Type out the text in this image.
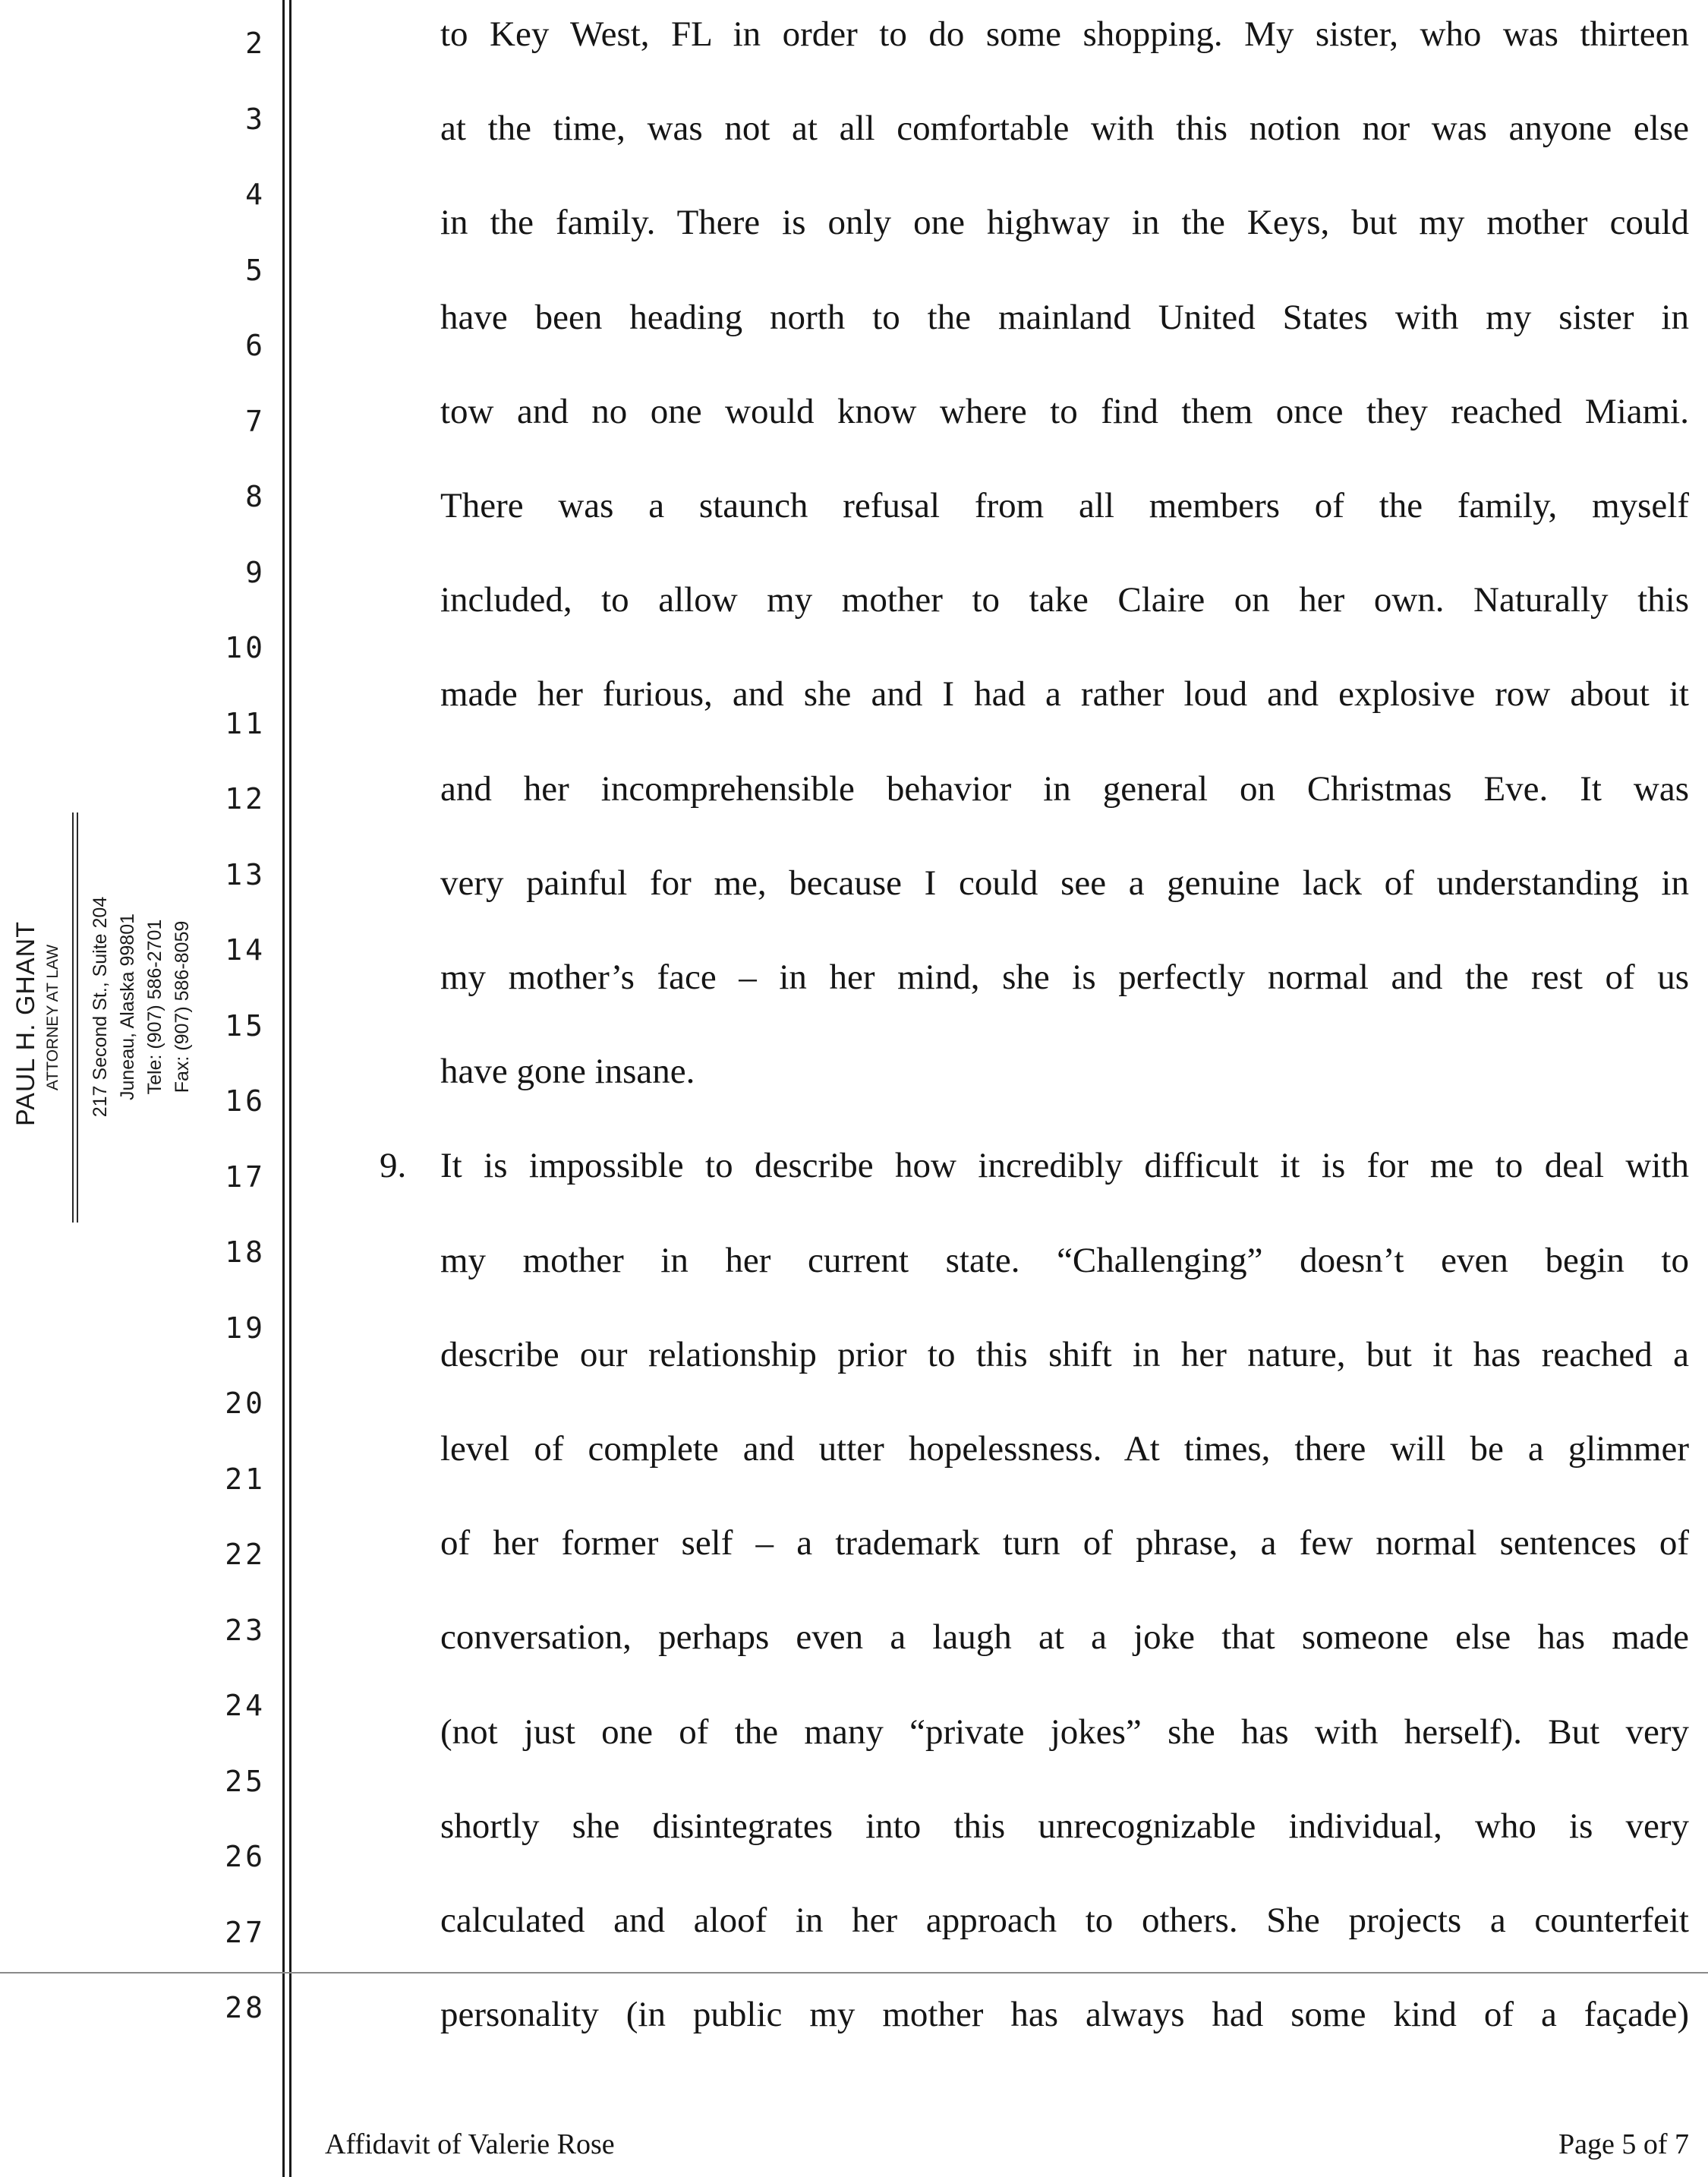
2
3
4
5
6
7
8
9
10
11
12
13
14
15
16
17
18
19
20
21
22
23
24
25
26
27
28
PAUL H. GHANT ATTORNEY AT LAW 217 Second St., Suite 204 Juneau, Alaska 99801 Tele: (907) 586-2701 Fax: (907) 586-8059
to Key West, FL in order to do some shopping. My sister, who was thirteen
at the time, was not at all comfortable with this notion nor was anyone else
in the family. There is only one highway in the Keys, but my mother could
have been heading north to the mainland United States with my sister in
tow and no one would know where to find them once they reached Miami.
There was a staunch refusal from all members of the family, myself
included, to allow my mother to take Claire on her own. Naturally this
made her furious, and she and I had a rather loud and explosive row about it
and her incomprehensible behavior in general on Christmas Eve. It was
very painful for me, because I could see a genuine lack of understanding in
my mother’s face – in her mind, she is perfectly normal and the rest of us
have gone insane.
It is impossible to describe how incredibly difficult it is for me to deal with
my mother in her current state. “Challenging” doesn’t even begin to
describe our relationship prior to this shift in her nature, but it has reached a
level of complete and utter hopelessness. At times, there will be a glimmer
of her former self – a trademark turn of phrase, a few normal sentences of
conversation, perhaps even a laugh at a joke that someone else has made
(not just one of the many “private jokes” she has with herself). But very
shortly she disintegrates into this unrecognizable individual, who is very
calculated and aloof in her approach to others. She projects a counterfeit
personality (in public my mother has always had some kind of a façade)
9.
Affidavit of Valerie Rose	Page 5 of 7
